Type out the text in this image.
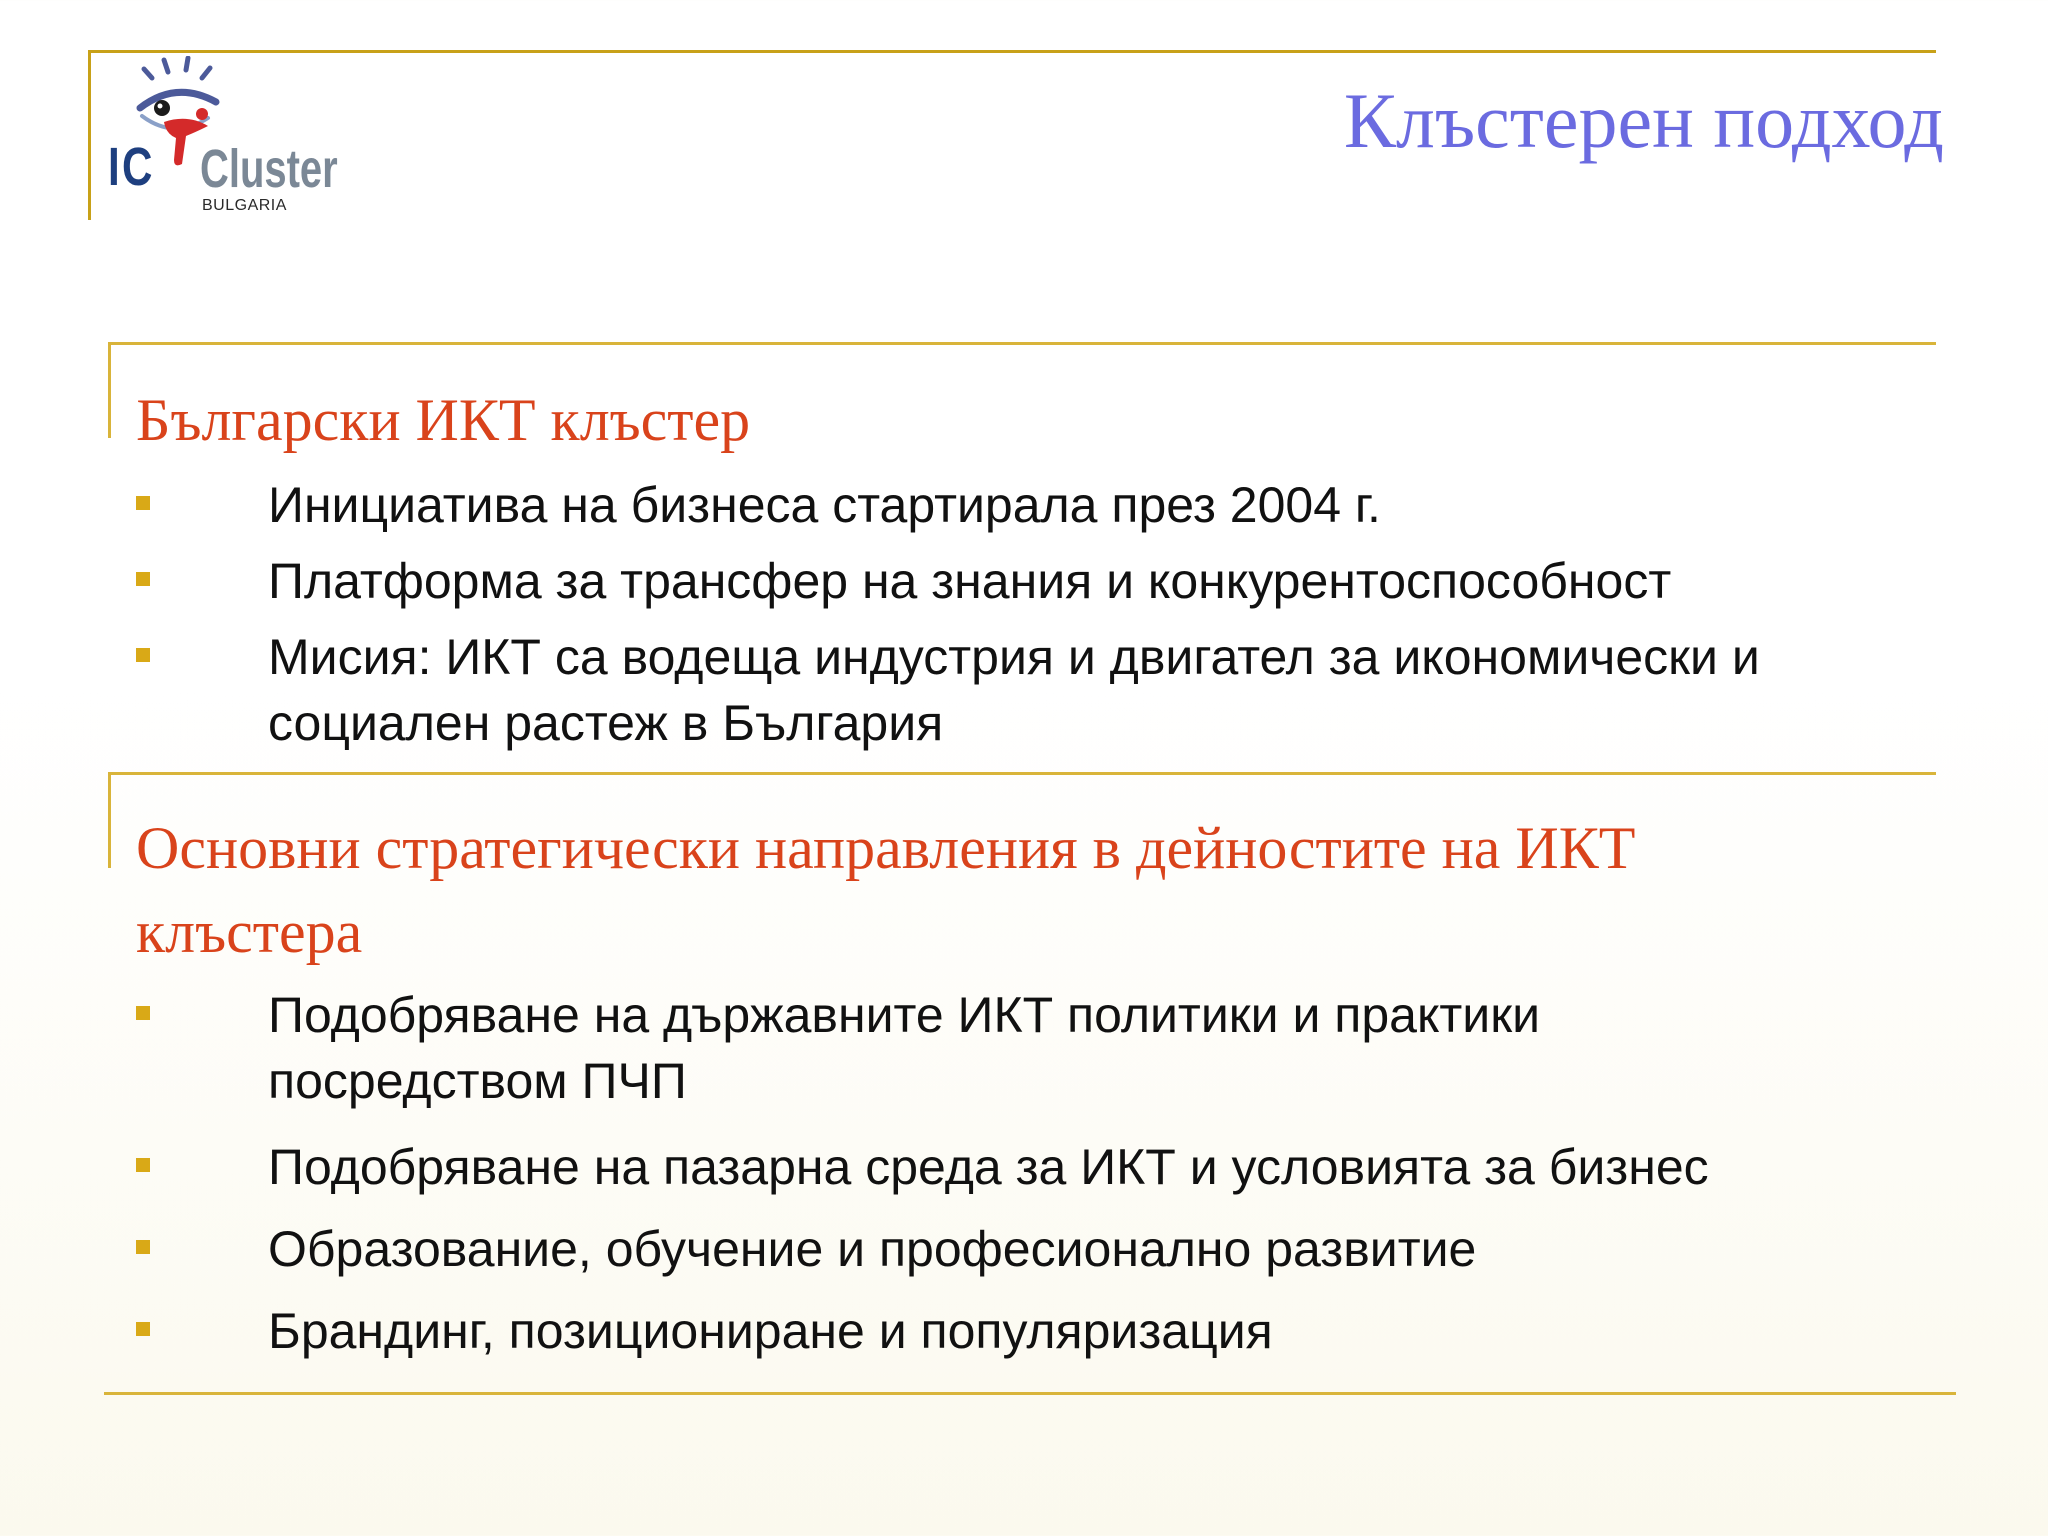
IC Cluster
BULGARIA
Клъстерен подход
Български ИКТ клъстер
Инициатива на бизнеса стартирала през 2004 г.
Платформа за трансфер на знания и конкурентоспособност
Мисия: ИКТ са водеща индустрия и двигател за икономически и социален растеж в България
Основни стратегически направления в дейностите на ИКТ клъстера
Подобряване на държавните ИКТ политики и практики посредством ПЧП
Подобряване на пазарна среда за ИКТ и условията за бизнес
Образование, обучение и професионално развитие
Брандинг, позициониране и популяризация
